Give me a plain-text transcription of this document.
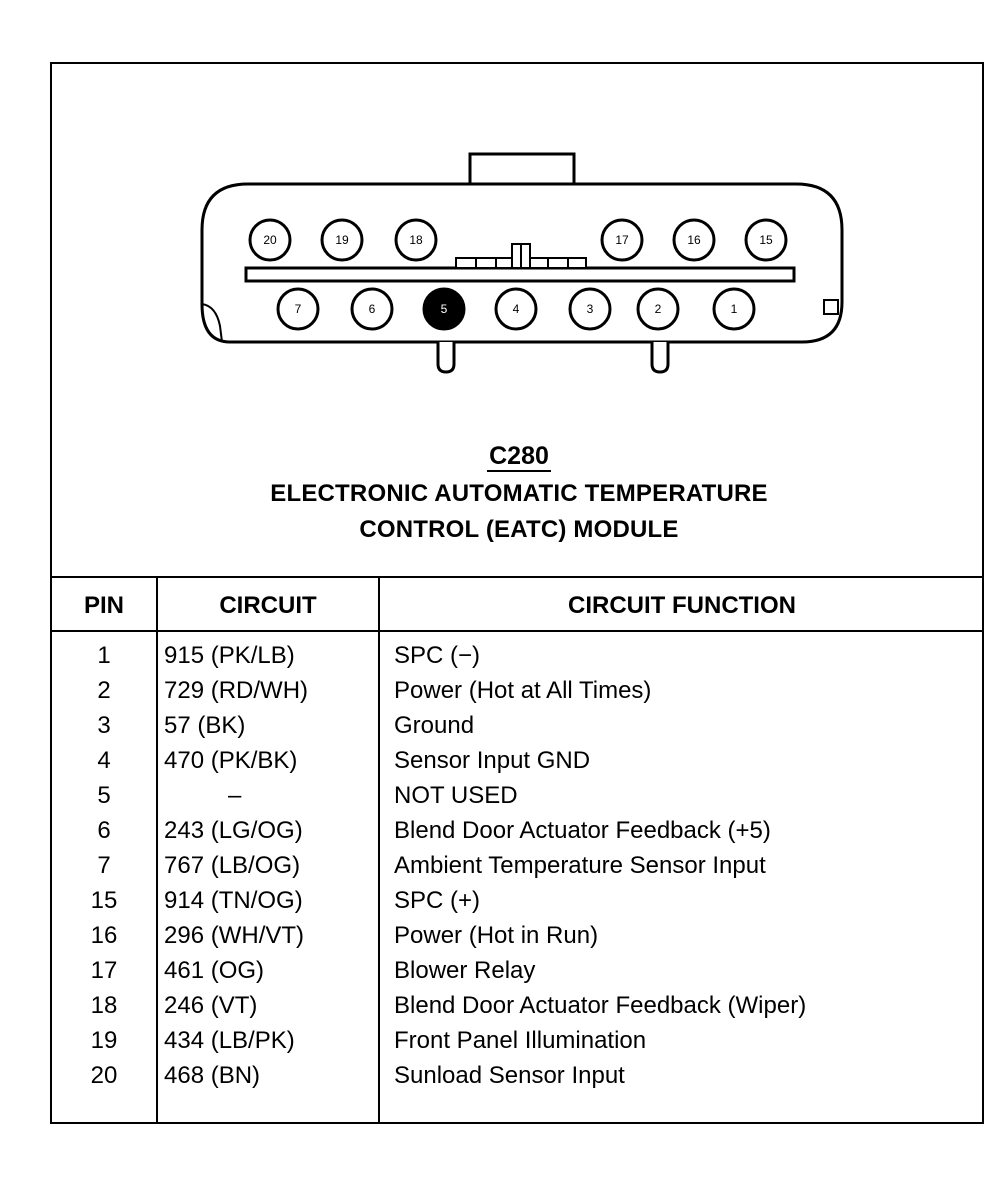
20	19	18	17	16	15
7	6	5	4	3	2	1
C280
ELECTRONIC AUTOMATIC TEMPERATURE
CONTROL (EATC) MODULE
PIN	CIRCUIT	CIRCUIT FUNCTION
1	915 (PK/LB)	SPC (−)
2	729 (RD/WH)	Power (Hot at All Times)
3	57 (BK)	Ground
4	470 (PK/BK)	Sensor Input GND
5	–	NOT USED
6	243 (LG/OG)	Blend Door Actuator Feedback (+5)
7	767 (LB/OG)	Ambient Temperature Sensor Input
15	914 (TN/OG)	SPC (+)
16	296 (WH/VT)	Power (Hot in Run)
17	461 (OG)	Blower Relay
18	246 (VT)	Blend Door Actuator Feedback (Wiper)
19	434 (LB/PK)	Front Panel Illumination
20	468 (BN)	Sunload Sensor Input
